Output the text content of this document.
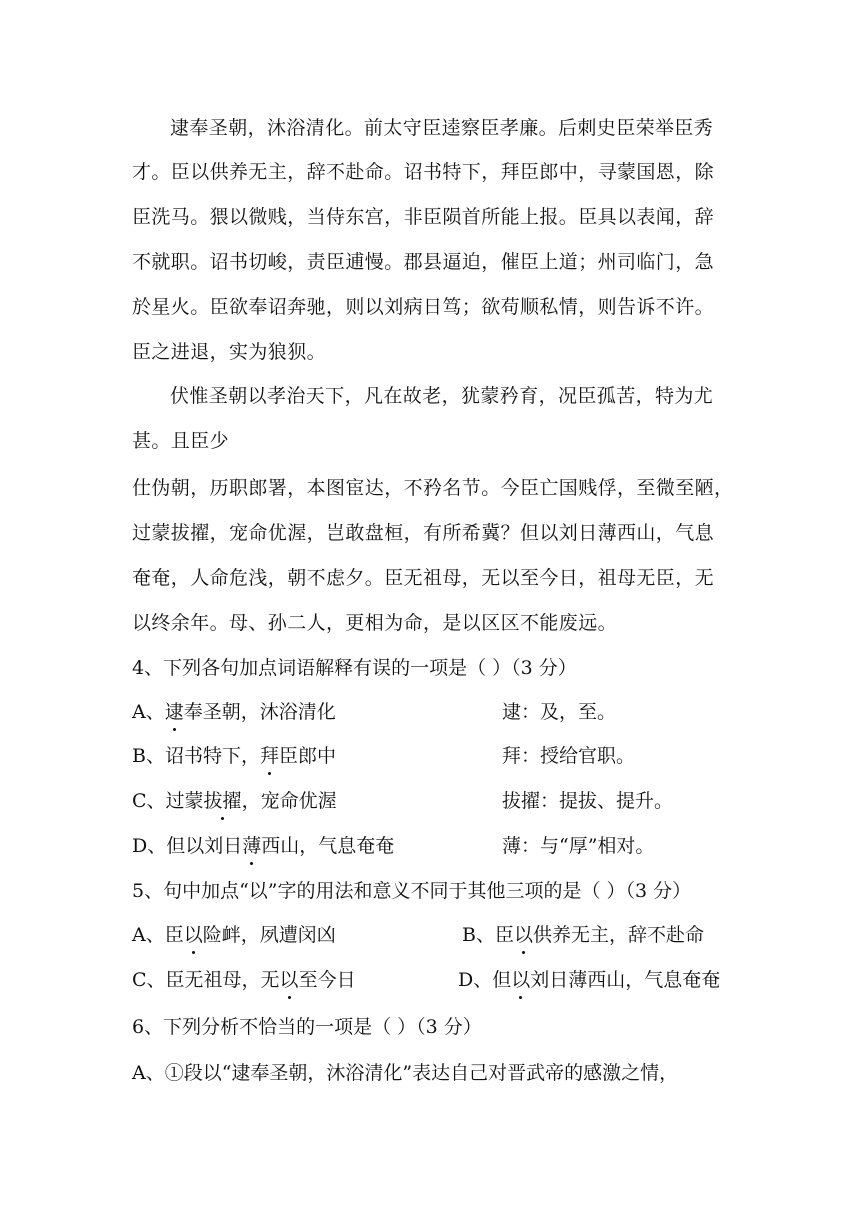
逮奉圣朝，沐浴清化。前太守臣逵察臣孝廉。后刺史臣荣举臣秀
才。臣以供养无主，辞不赴命。诏书特下，拜臣郎中，寻蒙国恩，除
臣洗马。猥以微贱，当侍东宫，非臣陨首所能上报。臣具以表闻，辞
不就职。诏书切峻，责臣逋慢。郡县逼迫，催臣上道；州司临门，急
於星火。臣欲奉诏奔驰，则以刘病日笃；欲苟顺私情，则告诉不许。
臣之进退，实为狼狈。
伏惟圣朝以孝治天下，凡在故老，犹蒙矜育，况臣孤苦，特为尤
甚。且臣少
仕伪朝，历职郎署，本图宦达，不矜名节。今臣亡国贱俘，至微至陋，
过蒙拔擢，宠命优渥，岂敢盘桓，有所希冀？但以刘日薄西山，气息
奄奄，人命危浅，朝不虑夕。臣无祖母，无以至今日，祖母无臣，无
以终余年。母、孙二人，更相为命，是以区区不能废远。
4、下列各句加点词语解释有误的一项是（ ）（3 分）
A、逮奉圣朝，沐浴清化	逮：及，至。
B、诏书特下，拜臣郎中	拜：授给官职。
C、过蒙拔擢，宠命优渥	拔擢：提拔、提升。
D、但以刘日薄西山，气息奄奄	薄：与“厚”相对。
5、句中加点“以”字的用法和意义不同于其他三项的是（ ）（3 分）
A、臣以险衅，夙遭闵凶	B、臣以供养无主，辞不赴命
C、臣无祖母，无以至今日	D、但以刘日薄西山，气息奄奄
6、下列分析不恰当的一项是（ ）（3 分）
A、①段以“逮奉圣朝，沐浴清化”表达自己对晋武帝的感激之情，
